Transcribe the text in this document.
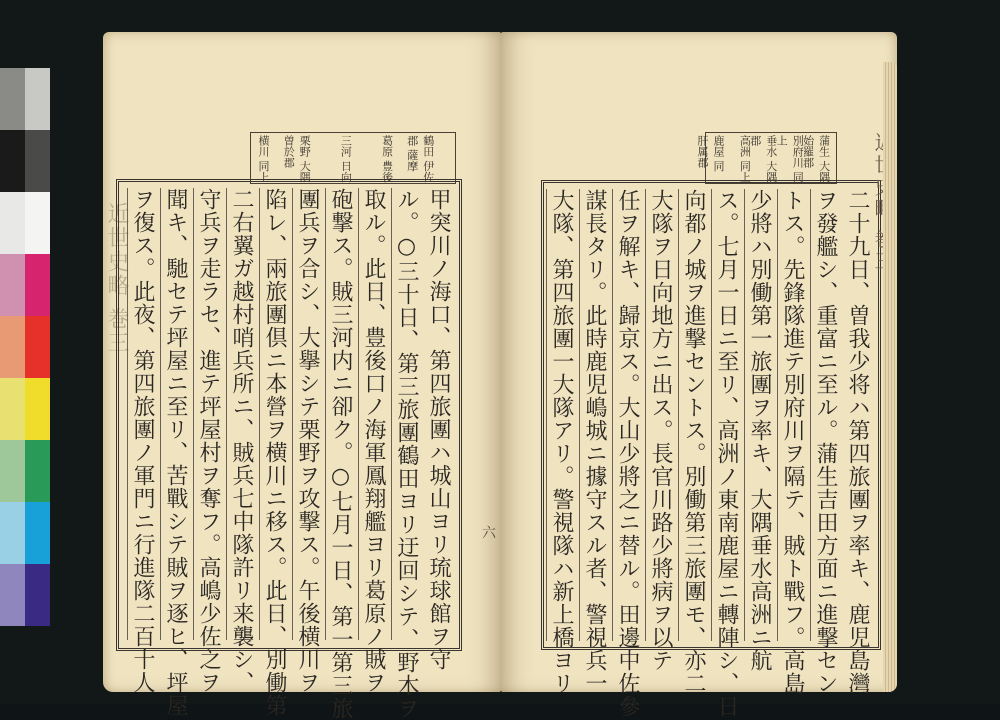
近世史略 巻三
鶴田 伊佐郡 薩摩
葛原 豊後
三河 日向
栗野 大隅 曽於郡
横川 同上
甲突川ノ海口、第四旅團ハ城山ヨリ琉球館ヲ守
ル。○三十日、第三旅團鶴田ヨリ迂回シテ、野木ヲ
取ル。此日、豊後口ノ海軍鳳翔艦ヨリ葛原ノ賊ヲ
砲撃ス。賊三河内ニ卻ク。○七月一日、第一第三旅
團兵ヲ合シ、大擧シテ栗野ヲ攻撃ス。午後横川ヲ
陷レ、兩旅團倶ニ本營ヲ横川ニ移ス。此日、別働第
二右翼ガ越村哨兵所ニ、賊兵七中隊許リ来襲シ、
守兵ヲ走ラセ、進テ坪屋村ヲ奪フ。高嶋少佐之ヲ
聞キ、馳セテ坪屋ニ至リ、苦戰シテ賊ヲ逐ヒ、坪屋
ヲ復ス。此夜、第四旅團ノ軍門ニ行進隊二百十人	六
蒲生 大隅 始羅郡
別府川 同上
垂水 大隅郡
高洲 同上
鹿屋 同 肝属郡
二十九日、曽我少将ハ第四旅團ヲ率キ、鹿児島灣
ヲ發艦シ、重富ニ至ル。蒲生吉田方面ニ進撃セン
トス。先鋒隊進テ別府川ヲ隔テ、賊ト戰フ。高島
少將ハ別働第一旅團ヲ率キ、大隅垂水高洲ニ航
ス。七月一日ニ至リ、高洲ノ東南鹿屋ニ轉陣シ、日
向都ノ城ヲ進撃セントス。別働第三旅團モ、亦二
大隊ヲ日向地方ニ出ス。長官川路少將病ヲ以テ
任ヲ解キ、歸京ス。大山少將之ニ替ル。田邊中佐參
謀長タリ。此時鹿児嶋城ニ據守スル者、警視兵一
大隊、第四旅團一大隊アリ。警視隊ハ新上橋ヨリ
